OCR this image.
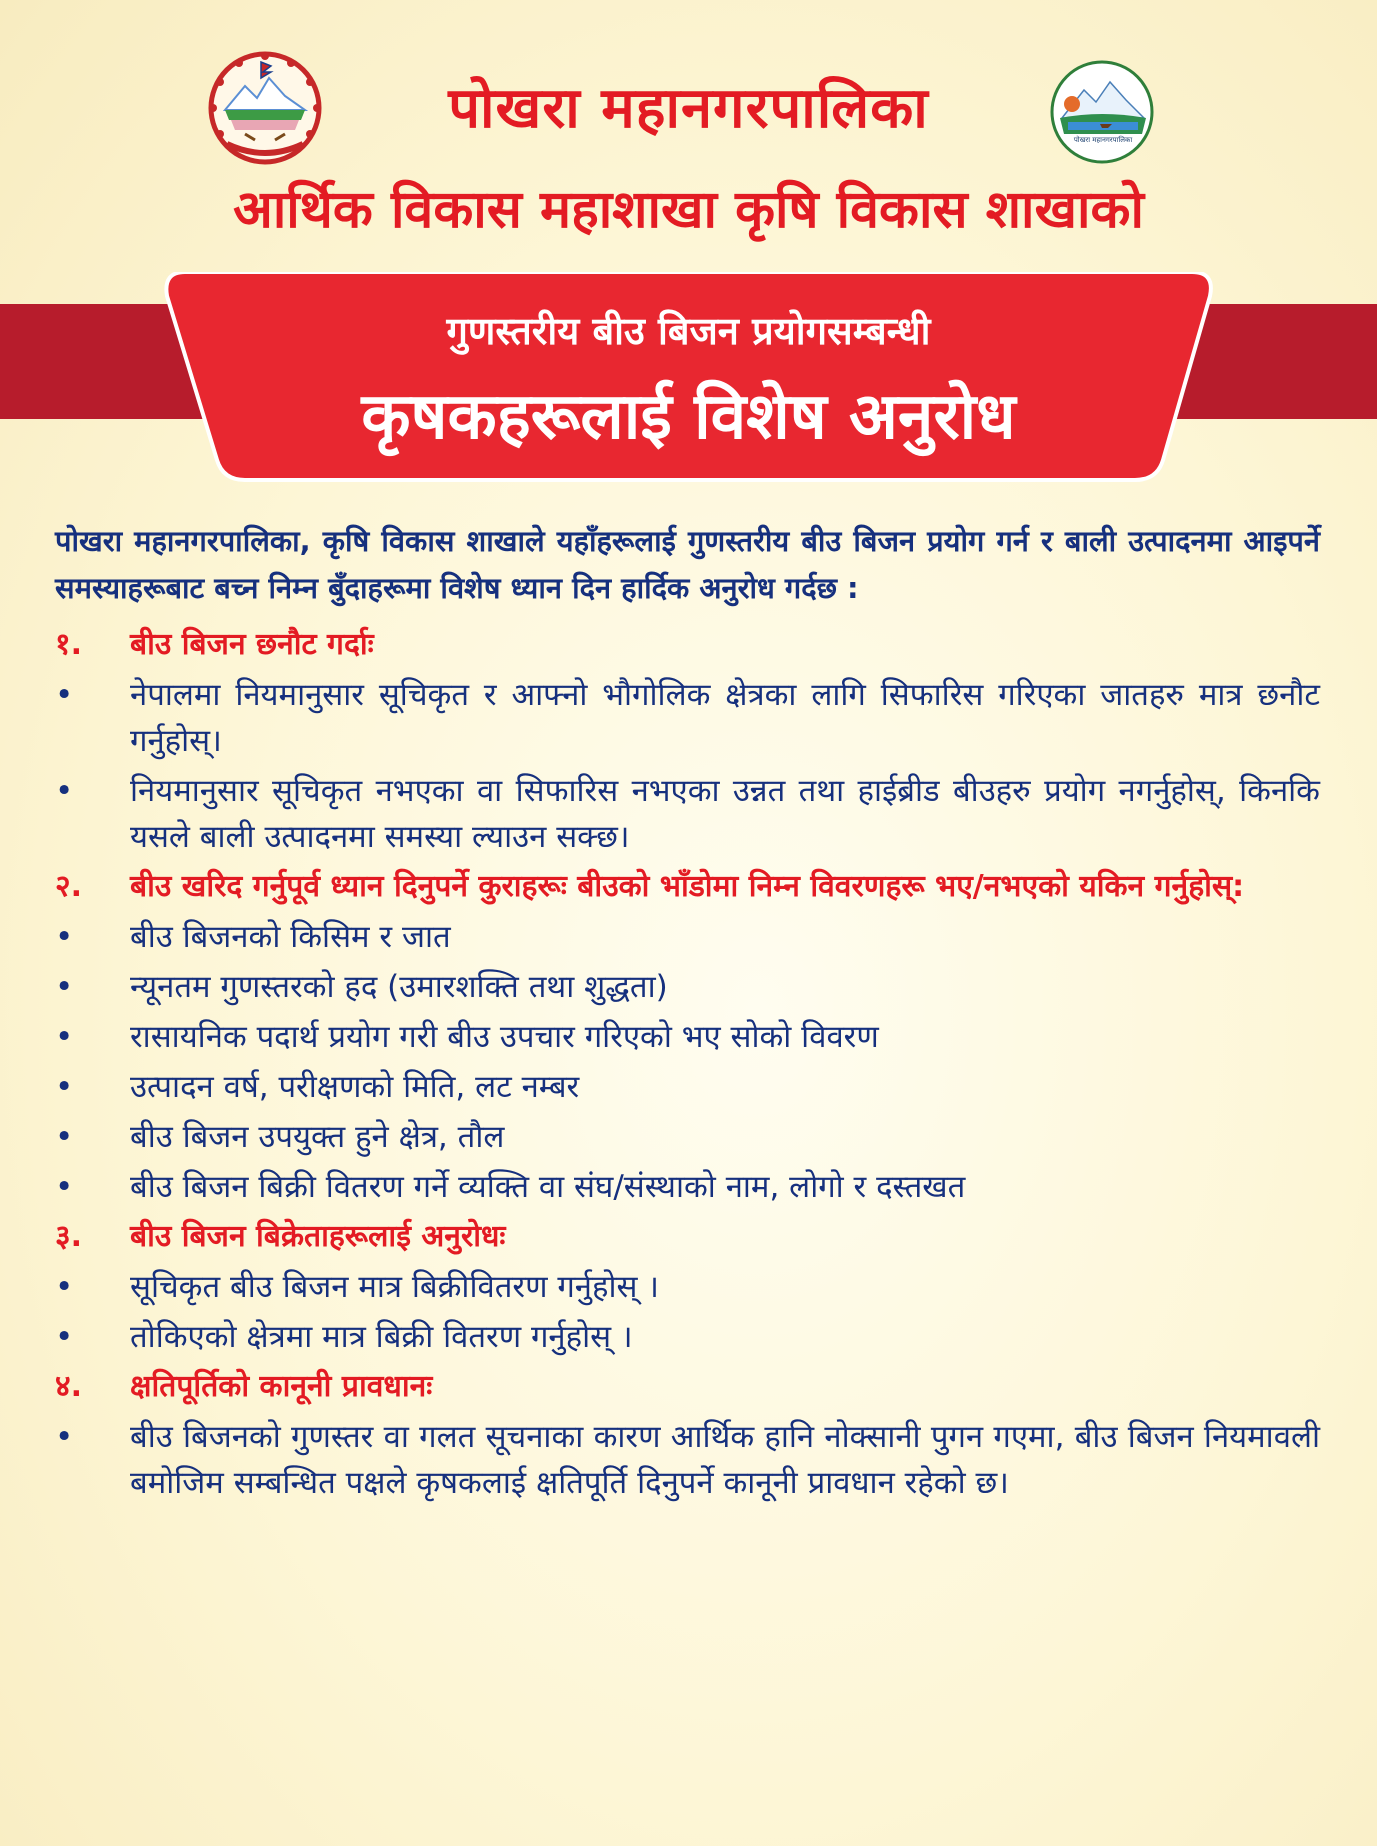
पोखरा महानगरपालिका
पोखरा महानगरपालिका
आर्थिक विकास महाशाखा कृषि विकास शाखाको
गुणस्तरीय बीउ बिजन प्रयोगसम्बन्धी
कृषकहरूलाई विशेष अनुरोध
पोखरा महानगरपालिका, कृषि विकास शाखाले यहाँहरूलाई गुणस्तरीय बीउ बिजन प्रयोग गर्न र बाली उत्पादनमा आइपर्ने समस्याहरूबाट बच्न निम्न बुँदाहरूमा विशेष ध्यान दिन हार्दिक अनुरोध गर्दछ :
१.	बीउ बिजन छनौट गर्दाः
•	नेपालमा नियमानुसार सूचिकृत र आफ्नो भौगोलिक क्षेत्रका लागि सिफारिस गरिएका जातहरु मात्र छनौट गर्नुहोस्।
•	नियमानुसार सूचिकृत नभएका वा सिफारिस नभएका उन्नत तथा हाईब्रीड बीउहरु प्रयोग नगर्नुहोस्, किनकि यसले बाली उत्पादनमा समस्या ल्याउन सक्छ।
२.	बीउ खरिद गर्नुपूर्व ध्यान दिनुपर्ने कुराहरूः बीउको भाँडोमा निम्न विवरणहरू भए/नभएको यकिन गर्नुहोस्:
•	बीउ बिजनको किसिम र जात
•	न्यूनतम गुणस्तरको हद (उमारशक्ति तथा शुद्धता)
•	रासायनिक पदार्थ प्रयोग गरी बीउ उपचार गरिएको भए सोको विवरण
•	उत्पादन वर्ष, परीक्षणको मिति, लट नम्बर
•	बीउ बिजन उपयुक्त हुने क्षेत्र, तौल
•	बीउ बिजन बिक्री वितरण गर्ने व्यक्ति वा संघ/संस्थाको नाम, लोगो र दस्तखत
३.	बीउ बिजन बिक्रेताहरूलाई अनुरोधः
•	सूचिकृत बीउ बिजन मात्र बिक्रीवितरण गर्नुहोस् ।
•	तोकिएको क्षेत्रमा मात्र बिक्री वितरण गर्नुहोस् ।
४.	क्षतिपूर्तिको कानूनी प्रावधानः
•	बीउ बिजनको गुणस्तर वा गलत सूचनाका कारण आर्थिक हानि नोक्सानी पुगन गएमा, बीउ बिजन नियमावली बमोजिम सम्बन्धित पक्षले कृषकलाई क्षतिपूर्ति दिनुपर्ने कानूनी प्रावधान रहेको छ।
